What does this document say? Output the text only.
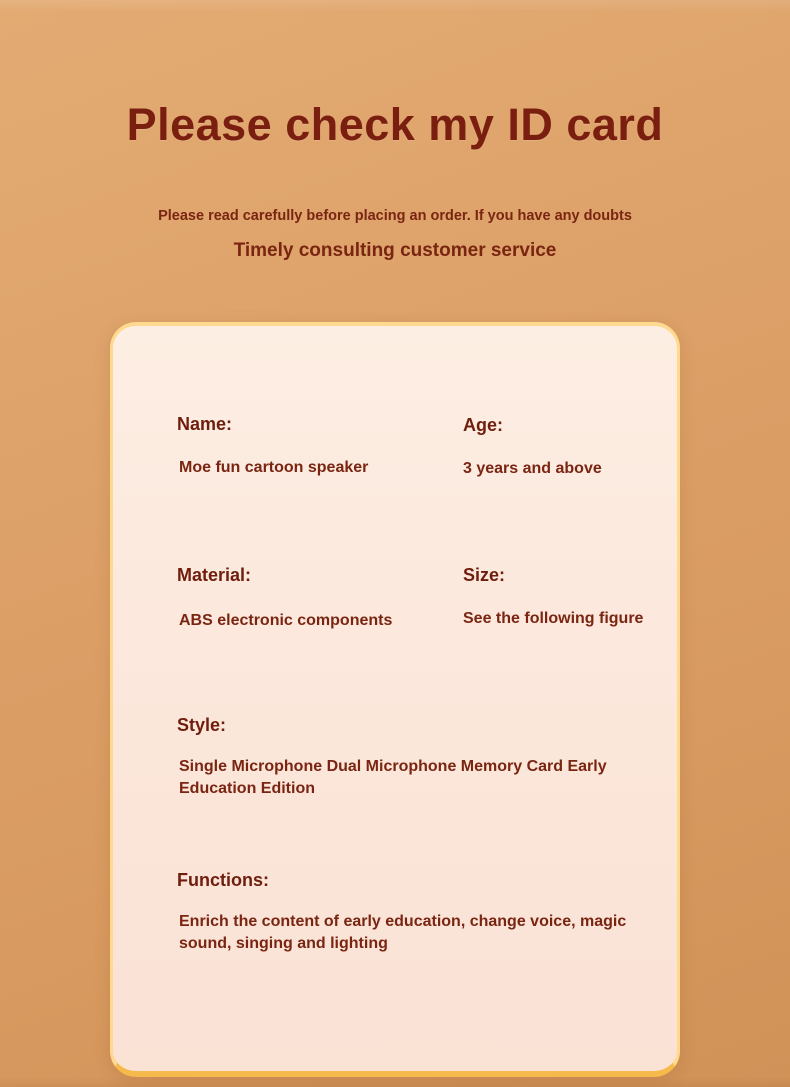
Please check my ID card

Please read carefully before placing an order. If you have any doubts

Timely consulting customer service

Name:
Moe fun cartoon speaker
Age:
3 years and above
Material:
ABS electronic components
Size:
See the following figure
Style:
Single Microphone Dual Microphone Memory Card Early Education Edition
Functions:
Enrich the content of early education, change voice, magic sound, singing and lighting
